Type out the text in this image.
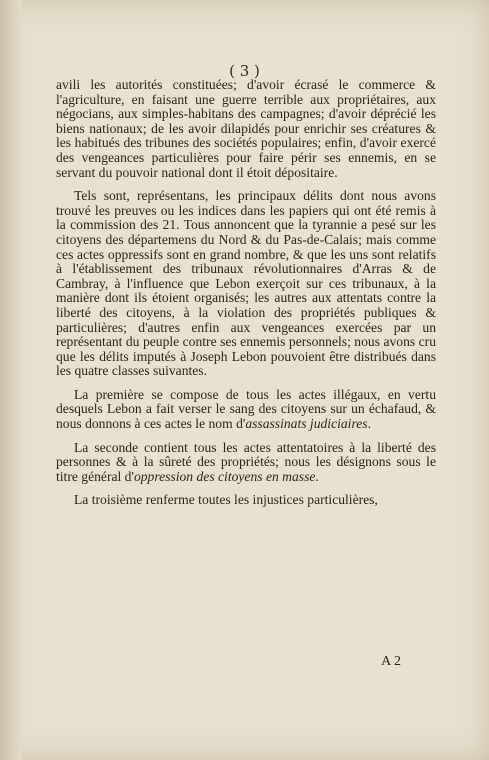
( 3 )

avili les autorités constituées; d'avoir écrasé le commerce & l'agriculture, en faisant une guerre terrible aux propriétaires, aux négocians, aux simples-habitans des campagnes; d'avoir déprécié les biens nationaux; de les avoir dilapidés pour enrichir ses créatures & les habitués des tribunes des sociétés populaires; enfin, d'avoir exercé des vengeances particulières pour faire périr ses ennemis, en se servant du pouvoir national dont il étoit dépositaire.

Tels sont, représentans, les principaux délits dont nous avons trouvé les preuves ou les indices dans les papiers qui ont été remis à la commission des 21. Tous annoncent que la tyrannie a pesé sur les citoyens des départemens du Nord & du Pas-de-Calais; mais comme ces actes oppressifs sont en grand nombre, & que les uns sont relatifs à l'établissement des tribunaux révolutionnaires d'Arras & de Cambray, à l'influence que Lebon exerçoit sur ces tribunaux, à la manière dont ils étoient organisés; les autres aux attentats contre la liberté des citoyens, à la violation des propriétés publiques & particulières; d'autres enfin aux vengeances exercées par un représentant du peuple contre ses ennemis personnels; nous avons cru que les délits imputés à Joseph Lebon pouvoient être distribués dans les quatre classes suivantes.

La première se compose de tous les actes illégaux, en vertu desquels Lebon a fait verser le sang des citoyens sur un échafaud, & nous donnons à ces actes le nom d'assassinats judiciaires.

La seconde contient tous les actes attentatoires à la liberté des personnes & à la sûreté des propriétés; nous les désignons sous le titre général d'oppression des citoyens en masse.

La troisième renferme toutes les injustices particulières,

A 2
